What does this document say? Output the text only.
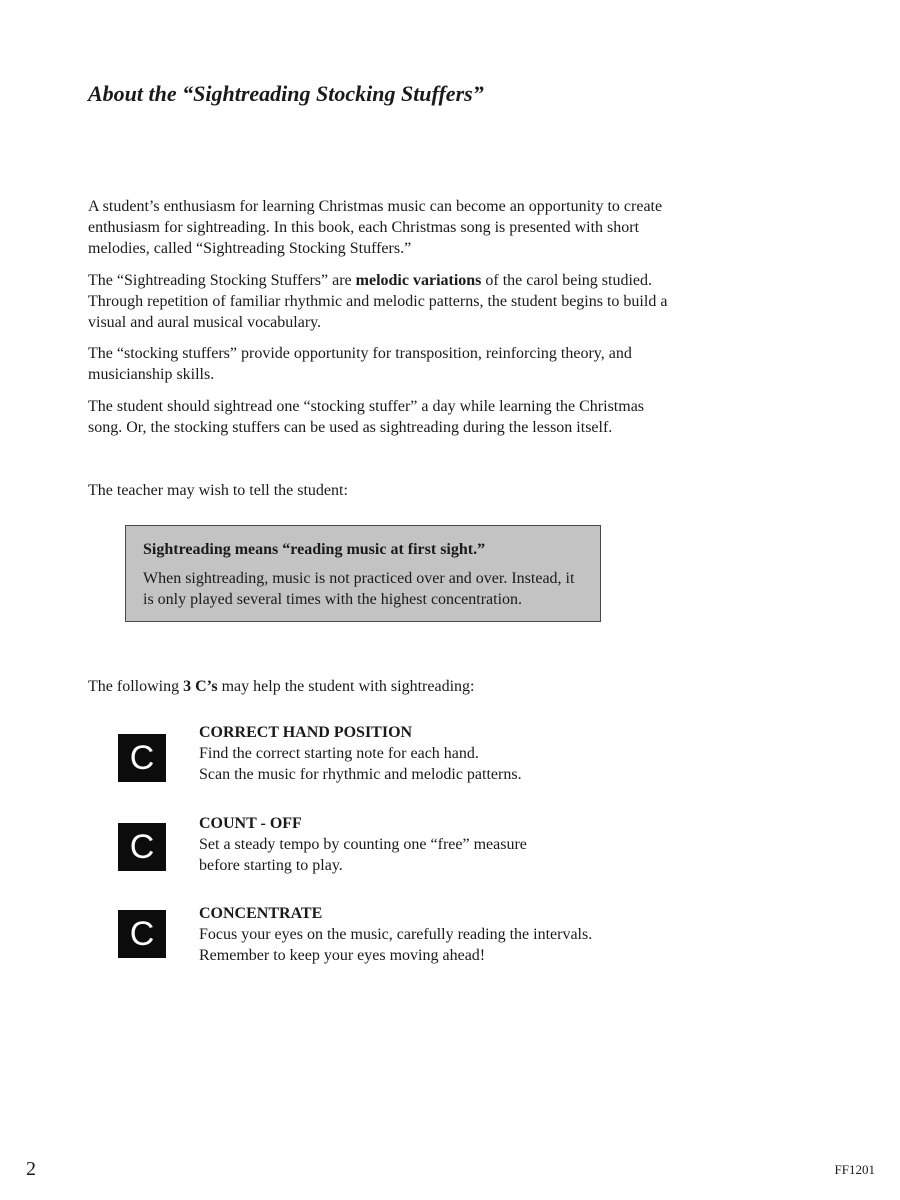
About the “Sightreading Stocking Stuffers”

A student’s enthusiasm for learning Christmas music can become an opportunity to create enthusiasm for sightreading. In this book, each Christmas song is presented with short melodies, called “Sightreading Stocking Stuffers.”

The “Sightreading Stocking Stuffers” are melodic variations of the carol being studied. Through repetition of familiar rhythmic and melodic patterns, the student begins to build a visual and aural musical vocabulary.

The “stocking stuffers” provide opportunity for transposition, reinforcing theory, and musicianship skills.

The student should sightread one “stocking stuffer” a day while learning the Christmas song. Or, the stocking stuffers can be used as sightreading during the lesson itself.

The teacher may wish to tell the student:

Sightreading means “reading music at first sight.”

When sightreading, music is not practiced over and over. Instead, it is only played several times with the highest concentration.

The following 3 C’s may help the student with sightreading:

C
CORRECT HAND POSITION
Find the correct starting note for each hand.
Scan the music for rhythmic and melodic patterns.
C
COUNT - OFF
Set a steady tempo by counting one “free” measure
before starting to play.
C
CONCENTRATE
Focus your eyes on the music, carefully reading the intervals.
Remember to keep your eyes moving ahead!
2	FF1201
